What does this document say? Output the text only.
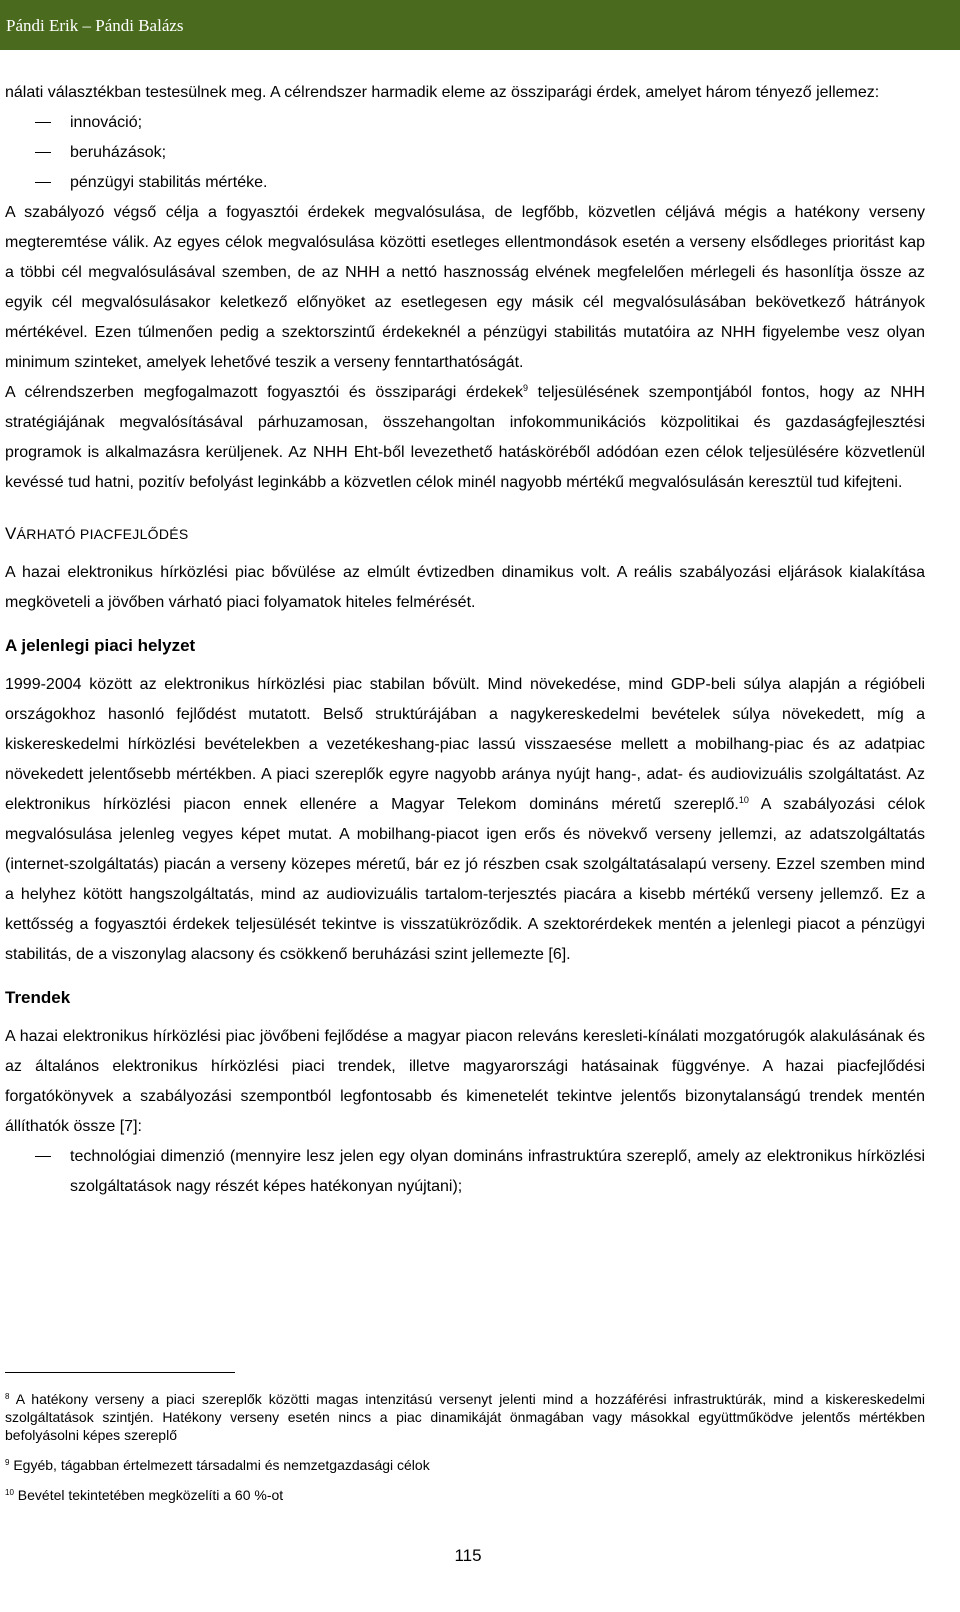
Pándi Erik – Pándi Balázs

nálati választékban testesülnek meg. A célrendszer harmadik eleme az össziparági érdek, amelyet három tényező jellemez:

innováció;
beruházások;
pénzügyi stabilitás mértéke.

A szabályozó végső célja a fogyasztói érdekek megvalósulása, de legfőbb, közvetlen céljává mégis a hatékony verseny megteremtése válik. Az egyes célok megvalósulása közötti esetleges ellentmondások esetén a verseny elsődleges prioritást kap a többi cél megvalósulásával szemben, de az NHH a nettó hasznosság elvének megfelelően mérlegeli és hasonlítja össze az egyik cél megvalósulásakor keletkező előnyöket az esetlegesen egy másik cél megvalósulásában bekövetkező hátrányok mértékével. Ezen túlmenően pedig a szektorszintű érdekeknél a pénzügyi stabilitás mutatóira az NHH figyelembe vesz olyan minimum szinteket, amelyek lehetővé teszik a verseny fenntarthatóságát.

A célrendszerben megfogalmazott fogyasztói és össziparági érdekek$^9$ teljesülésének szempontjából fontos, hogy az NHH stratégiájának megvalósításával párhuzamosan, összehangoltan infokommunikációs közpolitikai és gazdaságfejlesztési programok is alkalmazásra kerüljenek. Az NHH Eht-ből levezethető hatásköréből adódóan ezen célok teljesülésére közvetlenül kevéssé tud hatni, pozitív befolyást leginkább a közvetlen célok minél nagyobb mértékű megvalósulásán keresztül tud kifejteni.

VÁRHATÓ PIACFEJLŐDÉS

A hazai elektronikus hírközlési piac bővülése az elmúlt évtizedben dinamikus volt. A reális szabályozási eljárások kialakítása megköveteli a jövőben várható piaci folyamatok hiteles felmérését.

A jelenlegi piaci helyzet

1999-2004 között az elektronikus hírközlési piac stabilan bővült. Mind növekedése, mind GDP-beli súlya alapján a régióbeli országokhoz hasonló fejlődést mutatott. Belső struktúrájában a nagykereskedelmi bevételek súlya növekedett, míg a kiskereskedelmi hírközlési bevételekben a vezetékeshang-piac lassú visszaesése mellett a mobilhang-piac és az adatpiac növekedett jelentősebb mértékben. A piaci szereplők egyre nagyobb aránya nyújt hang-, adat- és audiovizuális szolgáltatást. Az elektronikus hírközlési piacon ennek ellenére a Magyar Telekom domináns méretű szereplő.$^{10}$ A szabályozási célok megvalósulása jelenleg vegyes képet mutat. A mobilhang-piacot igen erős és növekvő verseny jellemzi, az adatszolgáltatás (internet-szolgáltatás) piacán a verseny közepes méretű, bár ez jó részben csak szolgáltatásalapú verseny. Ezzel szemben mind a helyhez kötött hangszolgáltatás, mind az audiovizuális tartalom-terjesztés piacára a kisebb mértékű verseny jellemző. Ez a kettősség a fogyasztói érdekek teljesülését tekintve is visszatükröződik. A szektorérdekek mentén a jelenlegi piacot a pénzügyi stabilitás, de a viszonylag alacsony és csökkenő beruházási szint jellemezte [6].

Trendek

A hazai elektronikus hírközlési piac jövőbeni fejlődése a magyar piacon releváns keresleti-kínálati mozgatórugók alakulásának és az általános elektronikus hírközlési piaci trendek, illetve magyarországi hatásainak függvénye. A hazai piacfejlődési forgatókönyvek a szabályozási szempontból legfontosabb és kimenetelét tekintve jelentős bizonytalanságú trendek mentén állíthatók össze [7]:

technológiai dimenzió (mennyire lesz jelen egy olyan domináns infrastruktúra szereplő, amely az elektronikus hírközlési szolgáltatások nagy részét képes hatékonyan nyújtani);

$^8$ A hatékony verseny a piaci szereplők közötti magas intenzitású versenyt jelenti mind a hozzáférési infrastruktúrák, mind a kiskereskedelmi szolgáltatások szintjén. Hatékony verseny esetén nincs a piac dinamikáját önmagában vagy másokkal együttműködve jelentős mértékben befolyásolni képes szereplő

$^9$ Egyéb, tágabban értelmezett társadalmi és nemzetgazdasági célok

$^{10}$ Bevétel tekintetében megközelíti a 60 %-ot

115
